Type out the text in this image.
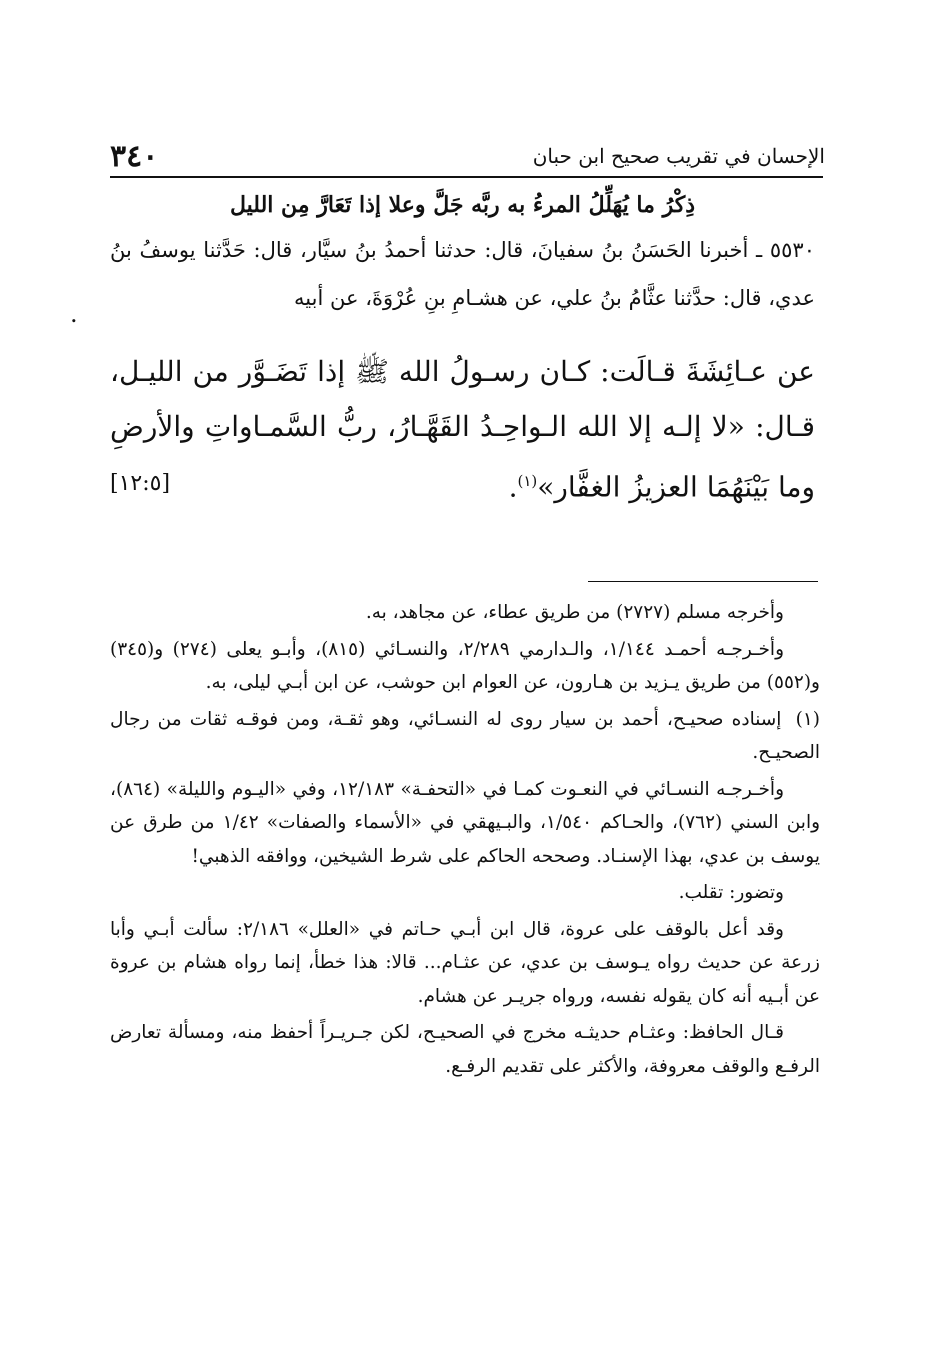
٣٤٠	الإحسان في تقريب صحيح ابن حبان
ذِكْرُ ما يُهَلِّلُ المرءُ به ربَّه جَلَّ وعلا إذا تَعَارَّ مِن الليل

٥٥٣٠ ـ أخبرنا الحَسَنُ بنُ سفيانَ، قال: حدثنا أحمدُ بنُ سيَّار، قال: حَدَّثنا يوسفُ بنُ عدي، قال: حدَّثنا عثَّامُ بنُ علي، عن هشـامِ بنِ عُرْوَةَ، عن أبيه

عن عـائِشَةَ قـالَت: كـان رسـولُ الله ﷺ إذا تَضَـوَّر من الليـل، قـال: «لا إلـه إلا الله الـواحِـدُ القَهَّـارُ، ربُّ السَّمـاواتِ والأرضِ وما بَيْنَهُمَا العزيزُ الغفَّار»$^{(١)}$.
[١٢:٥]

.

وأخرجه مسلم (٢٧٢٧) من طريق عطاء، عن مجاهد، به.

وأخـرجـه أحمـد ١/١٤٤، والـدارمي ٢/٢٨٩، والنسـائي (٨١٥)، وأبـو يعلى (٢٧٤) و(٣٤٥) و(٥٥٢) من طريق يـزيد بن هـارون، عن العوام ابن حوشب، عن ابن أبـي ليلى، به.

(١) إسناده صحيـح، أحمد بن سيار روى له النسـائي، وهو ثقـة، ومن فوقـه ثقات من رجال الصحيـح.

وأخـرجـه النسـائي في النعـوت كمـا في «التحفـة» ١٢/١٨٣، وفي «اليـوم والليلة» (٨٦٤)، وابن السني (٧٦٢)، والحـاكم ١/٥٤٠، والبـيهقي في «الأسماء والصفات» ١/٤٢ من طرق عن يوسف بن عدي، بهذا الإسنـاد. وصححه الحاكم على شرط الشيخين، ووافقه الذهبي!

وتضور: تقلب.

وقد أعل بالوقف على عروة، قال ابن أبـي حـاتم في «العلل» ٢/١٨٦: سألت أبـي وأبا زرعة عن حديث رواه يـوسف بن عدي، عن عثـام... قالا: هذا خطأ، إنما رواه هشام بن عروة عن أبـيه أنه كان يقوله نفسه، ورواه جريـر عن هشام.

قـال الحافظ: وعثـام حديثـه مخرج في الصحيـح، لكن جـريـراً أحفظ منه، ومسألة تعارض الرفـع والوقف معروفة، والأكثر على تقديم الرفـع.
